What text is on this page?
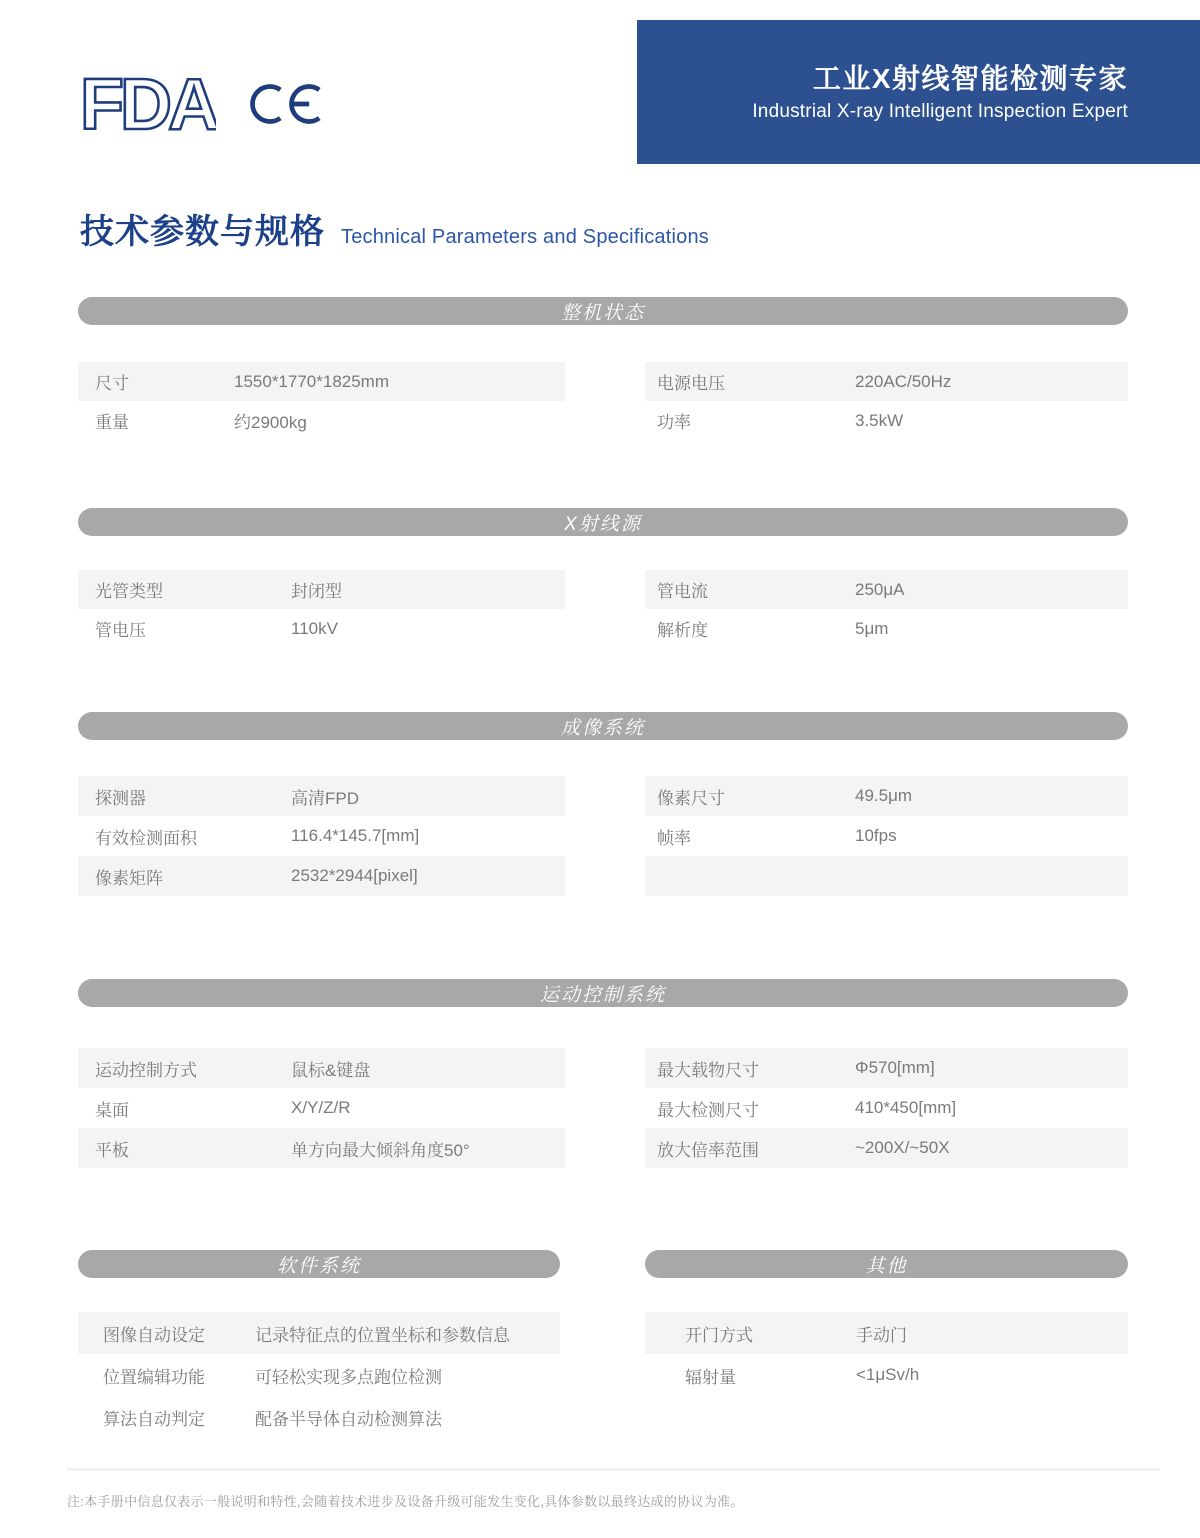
工业X射线智能检测专家
Industrial X-ray Intelligent Inspection Expert
FDA
技术参数与规格 Technical Parameters and Specifications
整机状态
尺寸	1550*1770*1825mm
重量	约2900kg
电源电压	220AC/50Hz
功率	3.5kW
X射线源
光管类型	封闭型
管电压	110kV
管电流	250μA
解析度	5μm
成像系统
探测器	高清FPD
有效检测面积	116.4*145.7[mm]
像素矩阵	2532*2944[pixel]
像素尺寸	49.5μm
帧率	10fps
运动控制系统
运动控制方式	鼠标&键盘
桌面	X/Y/Z/R
平板	单方向最大倾斜角度50°
最大载物尺寸	Φ570[mm]
最大检测尺寸	410*450[mm]
放大倍率范围	~200X/~50X
软件系统
图像自动设定	记录特征点的位置坐标和参数信息
位置编辑功能	可轻松实现多点跑位检测
算法自动判定	配备半导体自动检测算法
其他
开门方式	手动门
辐射量	<1μSv/h
注:本手册中信息仅表示一般说明和特性,会随着技术进步及设备升级可能发生变化,具体参数以最终达成的协议为准。
